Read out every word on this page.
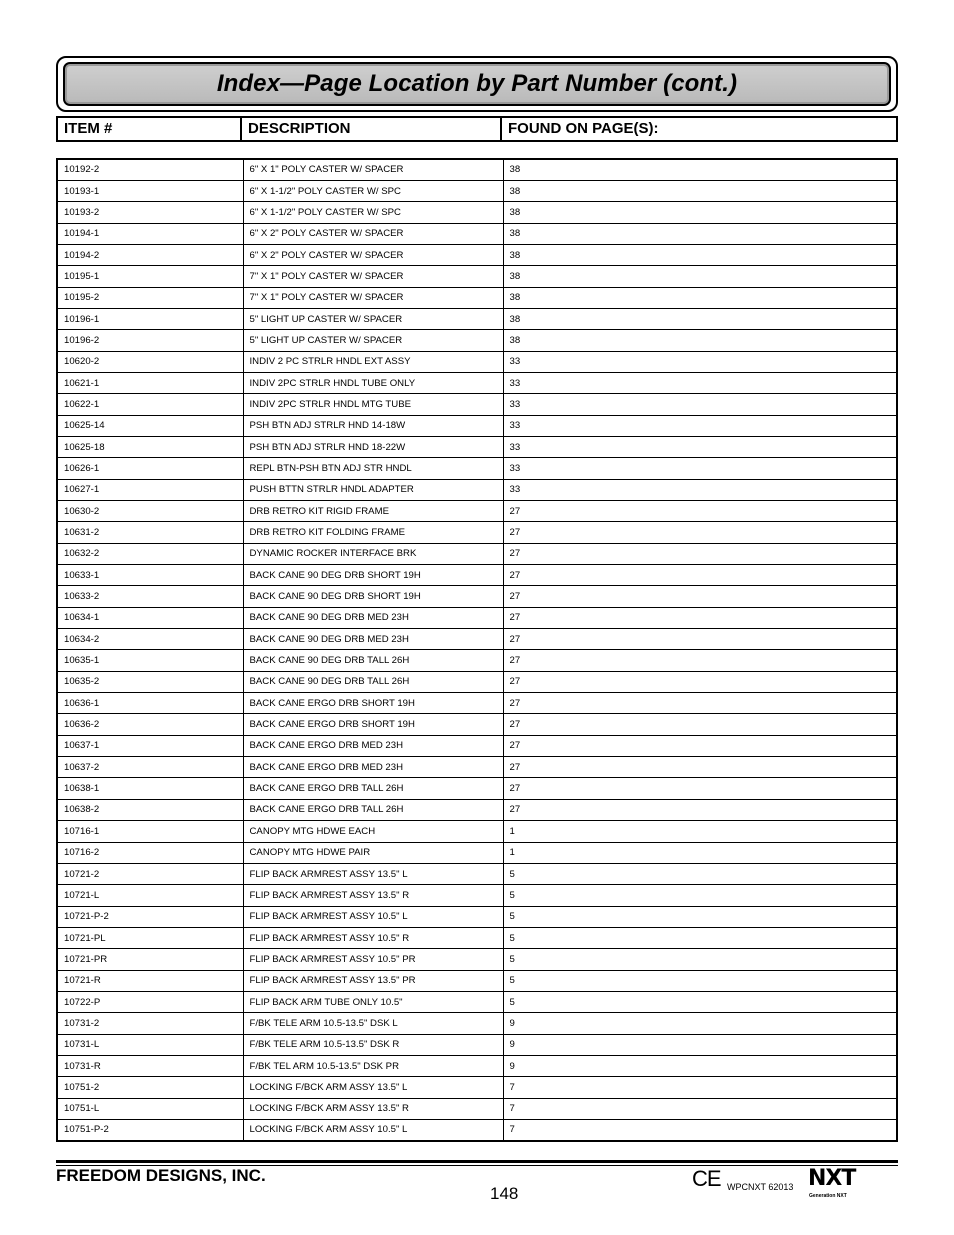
Index—Page Location by Part Number (cont.)
ITEM #	DESCRIPTION	FOUND ON PAGE(S):
10192-2	6" X 1" POLY CASTER W/ SPACER	38
10193-1	6" X 1-1/2" POLY CASTER W/ SPC	38
10193-2	6" X 1-1/2" POLY CASTER W/ SPC	38
10194-1	6" X 2" POLY CASTER W/ SPACER	38
10194-2	6" X 2" POLY CASTER W/ SPACER	38
10195-1	7" X 1" POLY CASTER W/ SPACER	38
10195-2	7" X 1" POLY CASTER W/ SPACER	38
10196-1	5" LIGHT UP CASTER W/ SPACER	38
10196-2	5" LIGHT UP CASTER W/ SPACER	38
10620-2	INDIV 2 PC STRLR HNDL EXT ASSY	33
10621-1	INDIV 2PC STRLR HNDL TUBE ONLY	33
10622-1	INDIV 2PC STRLR HNDL MTG TUBE	33
10625-14	PSH BTN ADJ STRLR HND 14-18W	33
10625-18	PSH BTN ADJ STRLR HND 18-22W	33
10626-1	REPL BTN-PSH BTN ADJ STR HNDL	33
10627-1	PUSH BTTN STRLR HNDL ADAPTER	33
10630-2	DRB RETRO KIT RIGID FRAME	27
10631-2	DRB RETRO KIT FOLDING FRAME	27
10632-2	DYNAMIC ROCKER INTERFACE BRK	27
10633-1	BACK CANE 90 DEG DRB SHORT 19H	27
10633-2	BACK CANE 90 DEG DRB SHORT 19H	27
10634-1	BACK CANE 90 DEG DRB MED 23H	27
10634-2	BACK CANE 90 DEG DRB MED 23H	27
10635-1	BACK CANE 90 DEG DRB TALL 26H	27
10635-2	BACK CANE 90 DEG DRB TALL 26H	27
10636-1	BACK CANE ERGO DRB SHORT 19H	27
10636-2	BACK CANE ERGO DRB SHORT 19H	27
10637-1	BACK CANE ERGO DRB MED 23H	27
10637-2	BACK CANE ERGO DRB MED 23H	27
10638-1	BACK CANE ERGO DRB TALL 26H	27
10638-2	BACK CANE ERGO DRB TALL 26H	27
10716-1	CANOPY MTG HDWE EACH	1
10716-2	CANOPY MTG HDWE PAIR	1
10721-2	FLIP BACK ARMREST ASSY 13.5" L	5
10721-L	FLIP BACK ARMREST ASSY 13.5" R	5
10721-P-2	FLIP BACK ARMREST ASSY 10.5" L	5
10721-PL	FLIP BACK ARMREST ASSY 10.5" R	5
10721-PR	FLIP BACK ARMREST ASSY 10.5" PR	5
10721-R	FLIP BACK ARMREST ASSY 13.5" PR	5
10722-P	FLIP BACK ARM TUBE ONLY 10.5"	5
10731-2	F/BK TELE ARM 10.5-13.5" DSK L	9
10731-L	F/BK TELE ARM 10.5-13.5" DSK R	9
10731-R	F/BK TEL ARM 10.5-13.5" DSK PR	9
10751-2	LOCKING F/BCK ARM ASSY 13.5" L	7
10751-L	LOCKING F/BCK ARM ASSY 13.5" R	7
10751-P-2	LOCKING F/BCK ARM ASSY 10.5" L	7
FREEDOM DESIGNS, INC.
148
CE WPCNXT 62013 NXT
Generation NXT
